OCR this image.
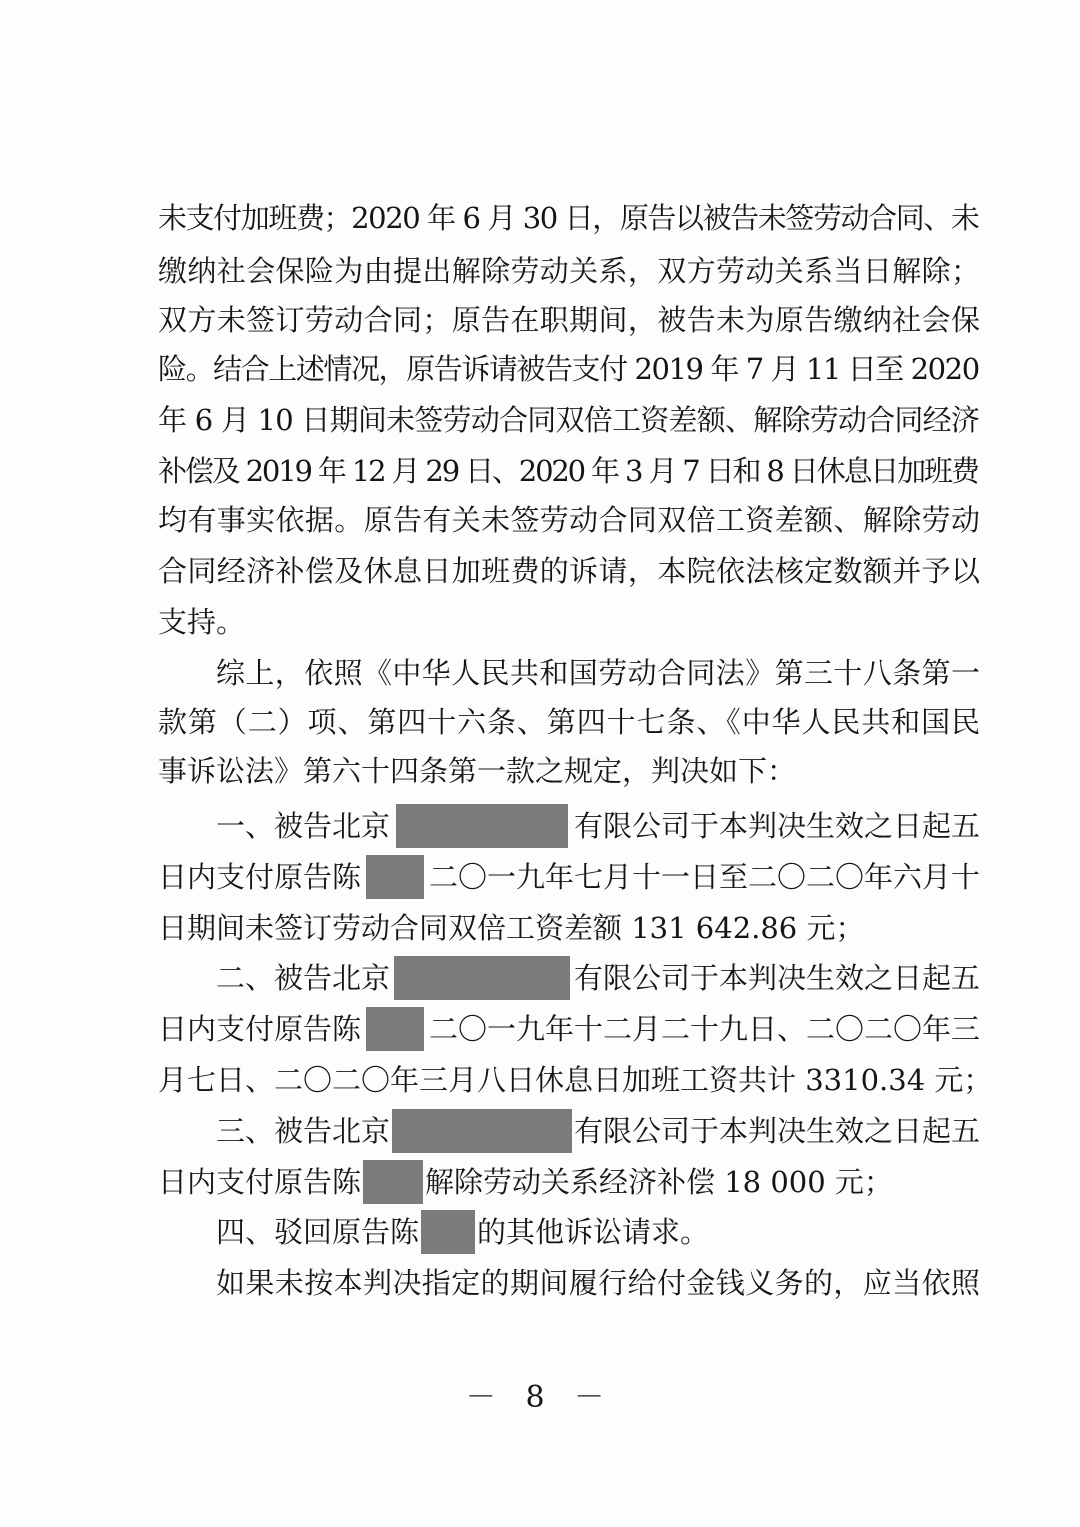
未支付加班费；2020 年 6 月 30 日，原告以被告未签劳动合同、未
缴纳社会保险为由提出解除劳动关系，双方劳动关系当日解除；
双方未签订劳动合同；原告在职期间，被告未为原告缴纳社会保
险。结合上述情况，原告诉请被告支付 2019 年 7 月 11 日至 2020
年 6 月 10 日期间未签劳动合同双倍工资差额、解除劳动合同经济
补偿及 2019 年 12 月 29 日、2020 年 3 月 7 日和 8 日休息日加班费
均有事实依据。原告有关未签劳动合同双倍工资差额、解除劳动
合同经济补偿及休息日加班费的诉请，本院依法核定数额并予以
支持。
综上，依照《中华人民共和国劳动合同法》第三十八条第一
款第（二）项、第四十六条、第四十七条、《中华人民共和国民
事诉讼法》第六十四条第一款之规定，判决如下：
一、被告北京	有限公司于本判决生效之日起五
日内支付原告陈 二〇一九年七月十一日至二〇二〇年六月十
日期间未签订劳动合同双倍工资差额 131 642.86 元；
二、被告北京	有限公司于本判决生效之日起五
日内支付原告陈 二〇一九年十二月二十九日、二〇二〇年三
月七日、二〇二〇年三月八日休息日加班工资共计 3310.34 元；
三、被告北京	有限公司于本判决生效之日起五
日内支付原告陈 解除劳动关系经济补偿 18 000 元；
四、驳回原告陈 的其他诉讼请求。
如果未按本判决指定的期间履行给付金钱义务的，应当依照
－ 8 －
